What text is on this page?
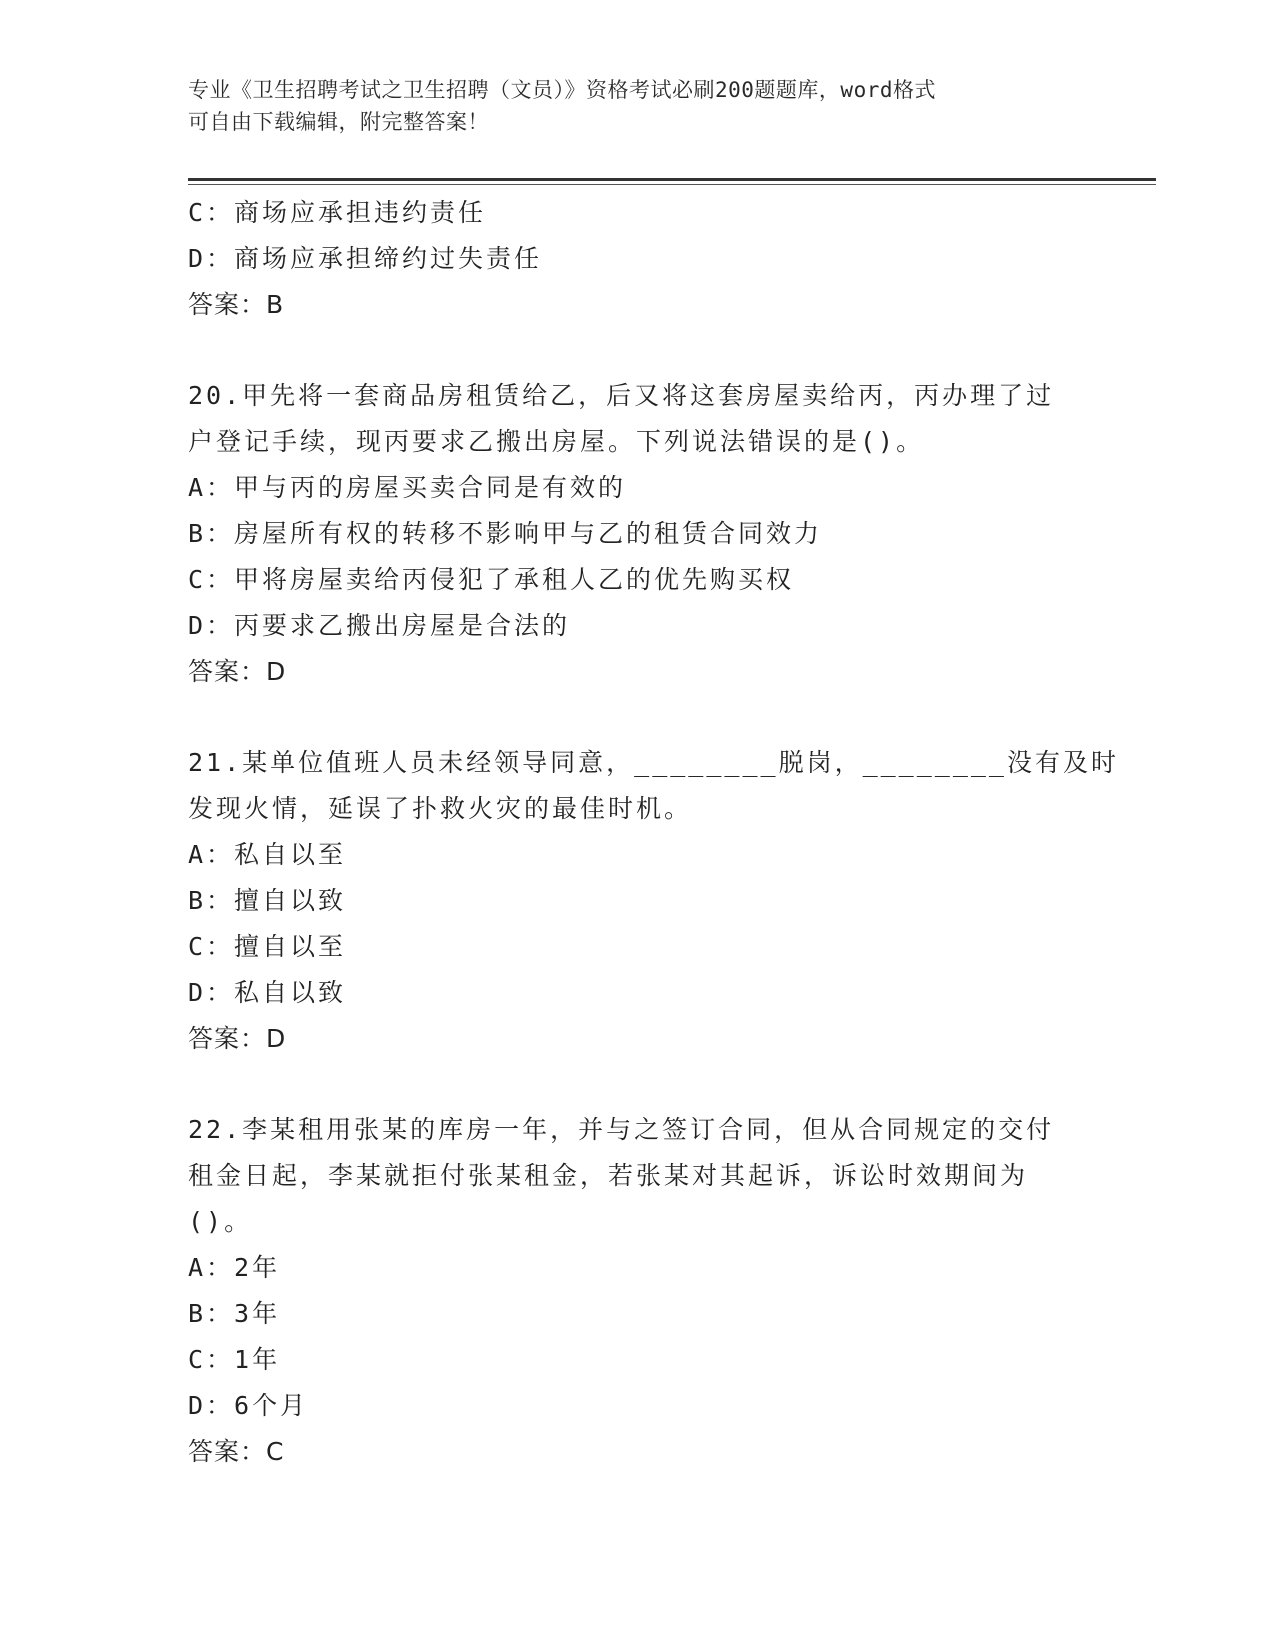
专业《卫生招聘考试之卫生招聘（文员）》资格考试必刷200题题库，word格式
可自由下载编辑，附完整答案！
C：商场应承担违约责任
D：商场应承担缔约过失责任
答案：B
20.甲先将一套商品房租赁给乙，后又将这套房屋卖给丙，丙办理了过
户登记手续，现丙要求乙搬出房屋。下列说法错误的是()。
A：甲与丙的房屋买卖合同是有效的
B：房屋所有权的转移不影响甲与乙的租赁合同效力
C：甲将房屋卖给丙侵犯了承租人乙的优先购买权
D：丙要求乙搬出房屋是合法的
答案：D
21.某单位值班人员未经领导同意，________脱岗，________没有及时
发现火情，延误了扑救火灾的最佳时机。
A：私自以至
B：擅自以致
C：擅自以至
D：私自以致
答案：D
22.李某租用张某的库房一年，并与之签订合同，但从合同规定的交付
租金日起，李某就拒付张某租金，若张某对其起诉，诉讼时效期间为
()。
A：2年
B：3年
C：1年
D：6个月
答案：C
